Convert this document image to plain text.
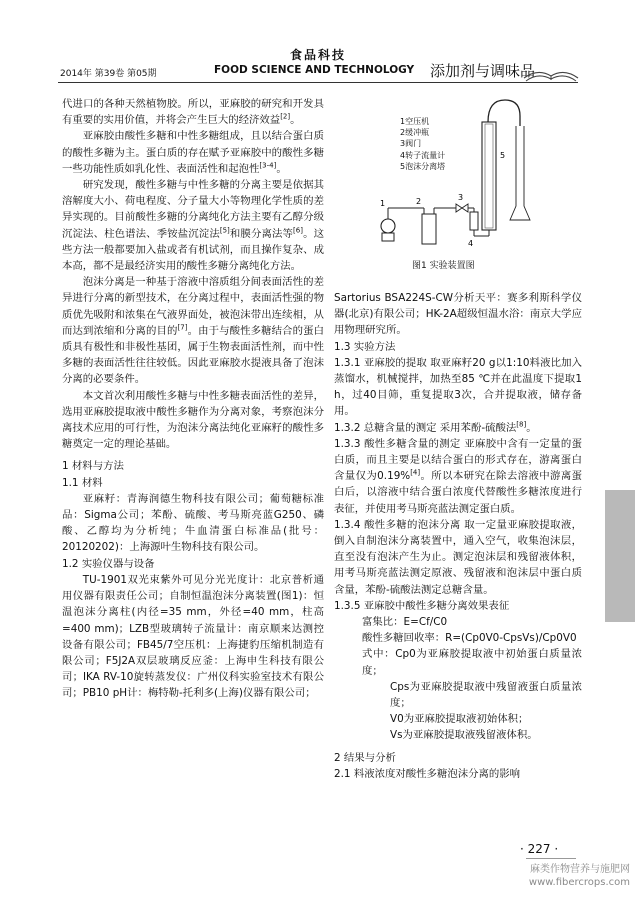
食品科技
FOOD SCIENCE AND TECHNOLOGY
2014年 第39卷 第05期	添加剂与调味品

代进口的各种天然植物胶。所以，亚麻胶的研究和开发具有重要的实用价值，并将会产生巨大的经济效益[2]。

亚麻胶由酸性多糖和中性多糖组成，且以结合蛋白质的酸性多糖为主。蛋白质的存在赋予亚麻胶中的酸性多糖一些功能性质如乳化性、表面活性和起泡性[3-4]。

研究发现，酸性多糖与中性多糖的分离主要是依据其溶解度大小、荷电程度、分子量大小等物理化学性质的差异实现的。目前酸性多糖的分离纯化方法主要有乙醇分级沉淀法、柱色谱法、季铵盐沉淀法[5]和膜分离法等[6]。这些方法一般都要加入盐或者有机试剂，而且操作复杂、成本高，都不是最经济实用的酸性多糖分离纯化方法。

泡沫分离是一种基于溶液中溶质组分间表面活性的差异进行分离的新型技术，在分离过程中，表面活性强的物质优先吸附和浓集在气液界面处，被泡沫带出连续相，从而达到浓缩和分离的目的[7]。由于与酸性多糖结合的蛋白质具有极性和非极性基团，属于生物表面活性剂，而中性多糖的表面活性往往较低。因此亚麻胶水提液具备了泡沫分离的必要条件。

本文首次利用酸性多糖与中性多糖表面活性的差异，选用亚麻胶提取液中酸性多糖作为分离对象，考察泡沫分离技术应用的可行性，为泡沫分离法纯化亚麻籽的酸性多糖奠定一定的理论基础。

1 材料与方法

1.1 材料

亚麻籽：青海润德生物科技有限公司；葡萄糖标准品：Sigma公司；苯酚、硫酸、考马斯亮蓝G250、磷酸、乙醇均为分析纯；牛血清蛋白标准品(批号：20120202)：上海源叶生物科技有限公司。

1.2 实验仪器与设备

TU-1901双光束紫外可见分光光度计：北京普析通用仪器有限责任公司；自制恒温泡沫分离装置(图1)：恒温泡沫分离柱(内径=35 mm，外径=40 mm，柱高=400 mm)；LZB型玻璃转子流量计：南京顺来达测控设备有限公司；FB45/7空压机：上海捷豹压缩机制造有限公司；F5J2A双层玻璃反应釜：上海申生科技有限公司；IKA RV-10旋转蒸发仪：广州仪科实验室技术有限公司；PB10 pH计：梅特勒-托利多(上海)仪器有限公司；

1	2	3
4
5
1空压机
2缓冲瓶
3阀门
4转子流量计
5泡沫分离塔
图1 实验装置图

Sartorius BSA224S-CW分析天平：赛多利斯科学仪器(北京)有限公司；HK-2A超级恒温水浴：南京大学应用物理研究所。

1.3 实验方法

1.3.1 亚麻胶的提取 取亚麻籽20 g以1:10料液比加入蒸馏水，机械搅拌，加热至85 ℃并在此温度下提取1 h，过40目筛，重复提取3次，合并提取液，储存备用。

1.3.2 总糖含量的测定 采用苯酚-硫酸法[8]。

1.3.3 酸性多糖含量的测定 亚麻胶中含有一定量的蛋白质，而且主要是以结合蛋白的形式存在，游离蛋白含量仅为0.19%[4]。所以本研究在除去溶液中游离蛋白后，以溶液中结合蛋白浓度代替酸性多糖浓度进行表征，并使用考马斯亮蓝法测定蛋白质。

1.3.4 酸性多糖的泡沫分离 取一定量亚麻胶提取液，倒入自制泡沫分离装置中，通入空气，收集泡沫层，直至没有泡沫产生为止。测定泡沫层和残留液体积，用考马斯亮蓝法测定原液、残留液和泡沫层中蛋白质含量，苯酚-硫酸法测定总糖含量。

1.3.5 亚麻胶中酸性多糖分离效果表征

富集比：E=Cf/C0

酸性多糖回收率：R=(Cp0V0-CpsVs)/Cp0V0

式中：Cp0为亚麻胶提取液中初始蛋白质量浓度；

Cps为亚麻胶提取液中残留液蛋白质量浓度；

V0为亚麻胶提取液初始体积；

Vs为亚麻胶提取液残留液体积。

2 结果与分析

2.1 料液浓度对酸性多糖泡沫分离的影响

· 227 ·
麻类作物营养与施肥网
www.fibercrops.com
